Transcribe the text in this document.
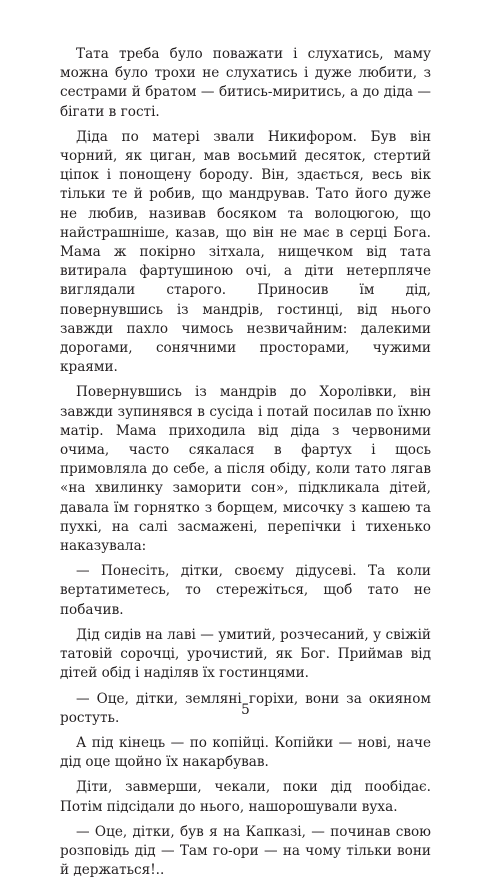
Тата треба було поважати і слухатись, маму можна було трохи не слухатись і дуже любити, з сестрами й братом — битись-миритись, а до діда — бігати в гості.

Діда по матері звали Никифором. Був він чорний, як циган, мав восьмий десяток, стертий ціпок і понощену бороду. Він, здається, весь вік тільки те й робив, що мандрував. Тато його дуже не любив, називав босяком та волоцюгою, що найстрашніше, казав, що він не має в серці Бога. Мама ж покірно зітхала, нищечком від тата витирала фартушиною очі, а діти нетерпляче виглядали старого. Приносив їм дід, повернувшись із мандрів, гостинці, від нього завжди пахло чимось незвичайним: далекими дорогами, сонячними просторами, чужими краями.

Повернувшись із мандрів до Хоролівки, він завжди зупинявся в сусіда і потай посилав по їхню матір. Мама приходила від діда з червоними очима, часто сякалася в фартух і щось примовляла до себе, а після обіду, коли тато лягав «на хвилинку заморити сон», підкликала дітей, давала їм горнятко з борщем, мисочку з кашею та пухкі, на салі засмажені, перепічки і тихенько наказувала:

— Понесіть, дітки, своєму дідусеві. Та коли вертатиметесь, то стережіться, щоб тато не побачив.

Дід сидів на лаві — умитий, розчесаний, у свіжій татовій сорочці, урочистий, як Бог. Приймав від дітей обід і наділяв їх гостинцями.

— Оце, дітки, земляні горіхи, вони за окияном ростуть.

А під кінець — по копійці. Копійки — нові, наче дід оце щойно їх накарбував.

Діти, завмерши, чекали, поки дід пообідає. Потім підсідали до нього, нашорошували вуха.

— Оце, дітки, був я на Капказі, — починав свою розповідь дід — Там го-ори — на чому тільки вони й держаться!..

5
